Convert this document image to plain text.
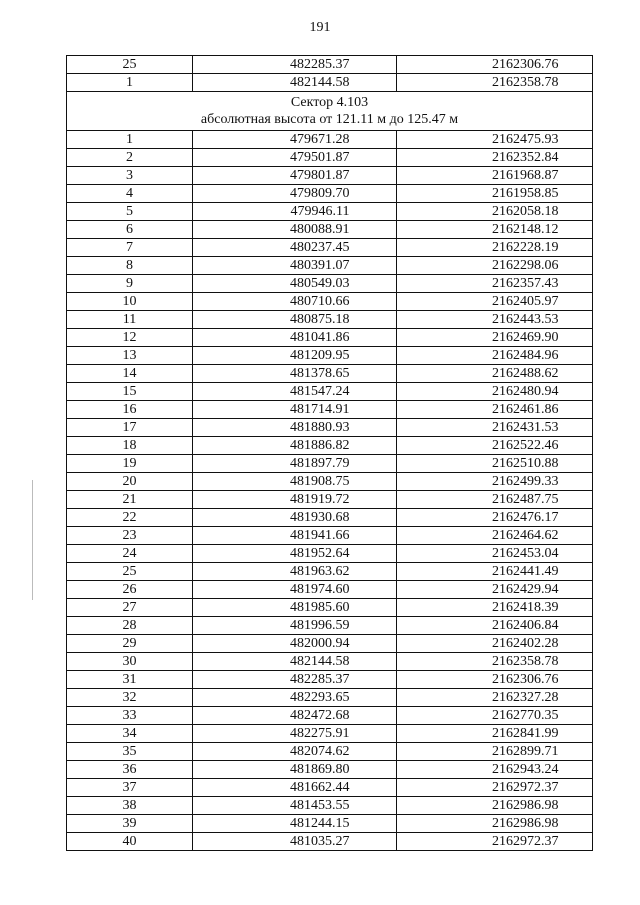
191
25	482285.37	2162306.76
1	482144.58	2162358.78

Сектор 4.103
абсолютная высота от 121.11 м до 125.47 м		

1	479671.28	2162475.93
2	479501.87	2162352.84
3	479801.87	2161968.87
4	479809.70	2161958.85
5	479946.11	2162058.18
6	480088.91	2162148.12
7	480237.45	2162228.19
8	480391.07	2162298.06
9	480549.03	2162357.43
10	480710.66	2162405.97
11	480875.18	2162443.53
12	481041.86	2162469.90
13	481209.95	2162484.96
14	481378.65	2162488.62
15	481547.24	2162480.94
16	481714.91	2162461.86
17	481880.93	2162431.53
18	481886.82	2162522.46
19	481897.79	2162510.88
20	481908.75	2162499.33
21	481919.72	2162487.75
22	481930.68	2162476.17
23	481941.66	2162464.62
24	481952.64	2162453.04
25	481963.62	2162441.49
26	481974.60	2162429.94
27	481985.60	2162418.39
28	481996.59	2162406.84
29	482000.94	2162402.28
30	482144.58	2162358.78
31	482285.37	2162306.76
32	482293.65	2162327.28
33	482472.68	2162770.35
34	482275.91	2162841.99
35	482074.62	2162899.71
36	481869.80	2162943.24
37	481662.44	2162972.37
38	481453.55	2162986.98
39	481244.15	2162986.98
40	481035.27	2162972.37
